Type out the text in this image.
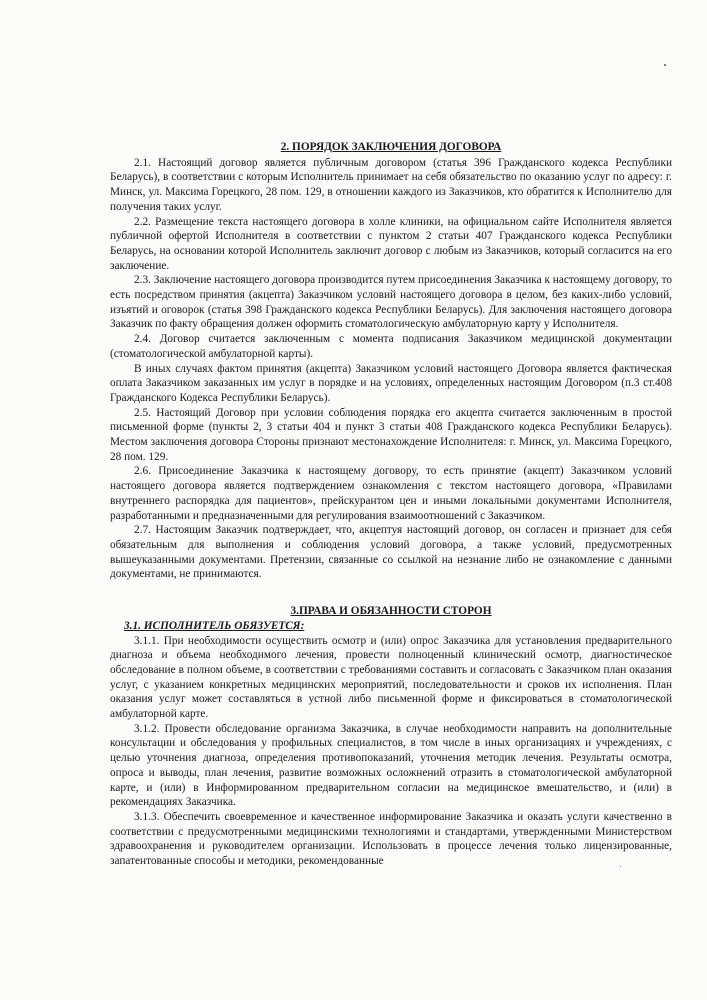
2. ПОРЯДОК ЗАКЛЮЧЕНИЯ ДОГОВОРА

2.1. Настоящий договор является публичным договором (статья 396 Гражданского кодекса Республики Беларусь), в соответствии с которым Исполнитель принимает на себя обязательство по оказанию услуг по адресу: г. Минск, ул. Максима Горецкого, 28 пом. 129, в отношении каждого из Заказчиков, кто обратится к Исполнителю для получения таких услуг.

2.2. Размещение текста настоящего договора в холле клиники, на официальном сайте Исполнителя является публичной офертой Исполнителя в соответствии с пунктом 2 статьи 407 Гражданского кодекса Республики Беларусь, на основании которой Исполнитель заключит договор с любым из Заказчиков, который согласится на его заключение.

2.3. Заключение настоящего договора производится путем присоединения Заказчика к настоящему договору, то есть посредством принятия (акцепта) Заказчиком условий настоящего договора в целом, без каких-либо условий, изъятий и оговорок (статья 398 Гражданского кодекса Республики Беларусь). Для заключения настоящего договора Заказчик по факту обращения должен оформить стоматологическую амбулаторную карту у Исполнителя.

2.4. Договор считается заключенным с момента подписания Заказчиком медицинской документации (стоматологической амбулаторной карты).

В иных случаях фактом принятия (акцепта) Заказчиком условий настоящего Договора является фактическая оплата Заказчиком заказанных им услуг в порядке и на условиях, определенных настоящим Договором (п.3 ст.408 Гражданского Кодекса Республики Беларусь).

2.5. Настоящий Договор при условии соблюдения порядка его акцепта считается заключенным в простой письменной форме (пункты 2, 3 статьи 404 и пункт 3 статьи 408 Гражданского кодекса Республики Беларусь). Местом заключения договора Стороны признают местонахождение Исполнителя: г. Минск, ул. Максима Горецкого, 28 пом. 129.

2.6. Присоединение Заказчика к настоящему договору, то есть принятие (акцепт) Заказчиком условий настоящего договора является подтверждением ознакомления с текстом настоящего договора, «Правилами внутреннего распорядка для пациентов», прейскурантом цен и иными локальными документами Исполнителя, разработанными и предназначенными для регулирования взаимоотношений с Заказчиком.

2.7. Настоящим Заказчик подтверждает, что, акцептуя настоящий договор, он согласен и признает для себя обязательным для выполнения и соблюдения условий договора, а также условий, предусмотренных вышеуказанными документами. Претензии, связанные со ссылкой на незнание либо не ознакомление с данными документами, не принимаются.

3.ПРАВА И ОБЯЗАННОСТИ СТОРОН

3.1. ИСПОЛНИТЕЛЬ ОБЯЗУЕТСЯ:

3.1.1. При необходимости осуществить осмотр и (или) опрос Заказчика для установления предварительного диагноза и объема необходимого лечения, провести полноценный клинический осмотр, диагностическое обследование в полном объеме, в соответствии с требованиями составить и согласовать с Заказчиком план оказания услуг, с указанием конкретных медицинских мероприятий, последовательности и сроков их исполнения. План оказания услуг может составляться в устной либо письменной форме и фиксироваться в стоматологической амбулаторной карте.

3.1.2. Провести обследование организма Заказчика, в случае необходимости направить на дополнительные консультации и обследования у профильных специалистов, в том числе в иных организациях и учреждениях, с целью уточнения диагноза, определения противопоказаний, уточнения методик лечения. Результаты осмотра, опроса и выводы, план лечения, развитие возможных осложнений отразить в стоматологической амбулаторной карте, и (или) в Информированном предварительном согласии на медицинское вмешательство, и (или) в рекомендациях Заказчика.

3.1.3. Обеспечить своевременное и качественное информирование Заказчика и оказать услуги качественно в соответствии с предусмотренными медицинскими технологиями и стандартами, утвержденными Министерством здравоохранения и руководителем организации. Использовать в процессе лечения только лицензированные, запатентованные способы и методики, рекомендованные
